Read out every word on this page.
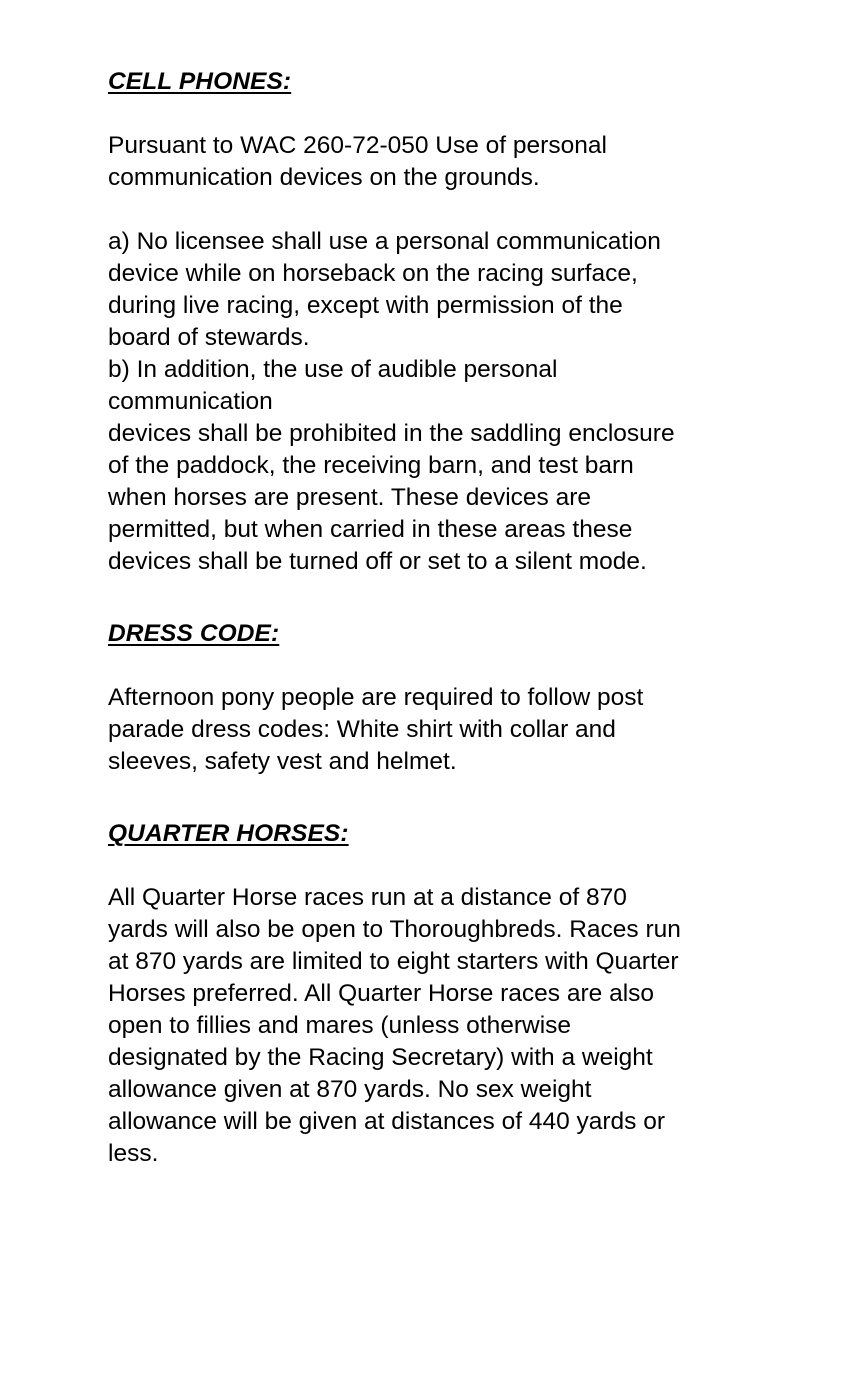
CELL PHONES:

Pursuant to WAC 260-72-050 Use of personal
communication devices on the grounds.

a) No licensee shall use a personal communication
device while on horseback on the racing surface,
during live racing, except with permission of the
board of stewards.
b) In addition, the use of audible personal
communication
devices shall be prohibited in the saddling enclosure
of the paddock, the receiving barn, and test barn
when horses are present. These devices are
permitted, but when carried in these areas these
devices shall be turned off or set to a silent mode.

DRESS CODE:

Afternoon pony people are required to follow post
parade dress codes: White shirt with collar and
sleeves, safety vest and helmet.

QUARTER HORSES:

All Quarter Horse races run at a distance of 870
yards will also be open to Thoroughbreds. Races run
at 870 yards are limited to eight starters with Quarter
Horses preferred. All Quarter Horse races are also
open to fillies and mares (unless otherwise
designated by the Racing Secretary) with a weight
allowance given at 870 yards. No sex weight
allowance will be given at distances of 440 yards or
less.
